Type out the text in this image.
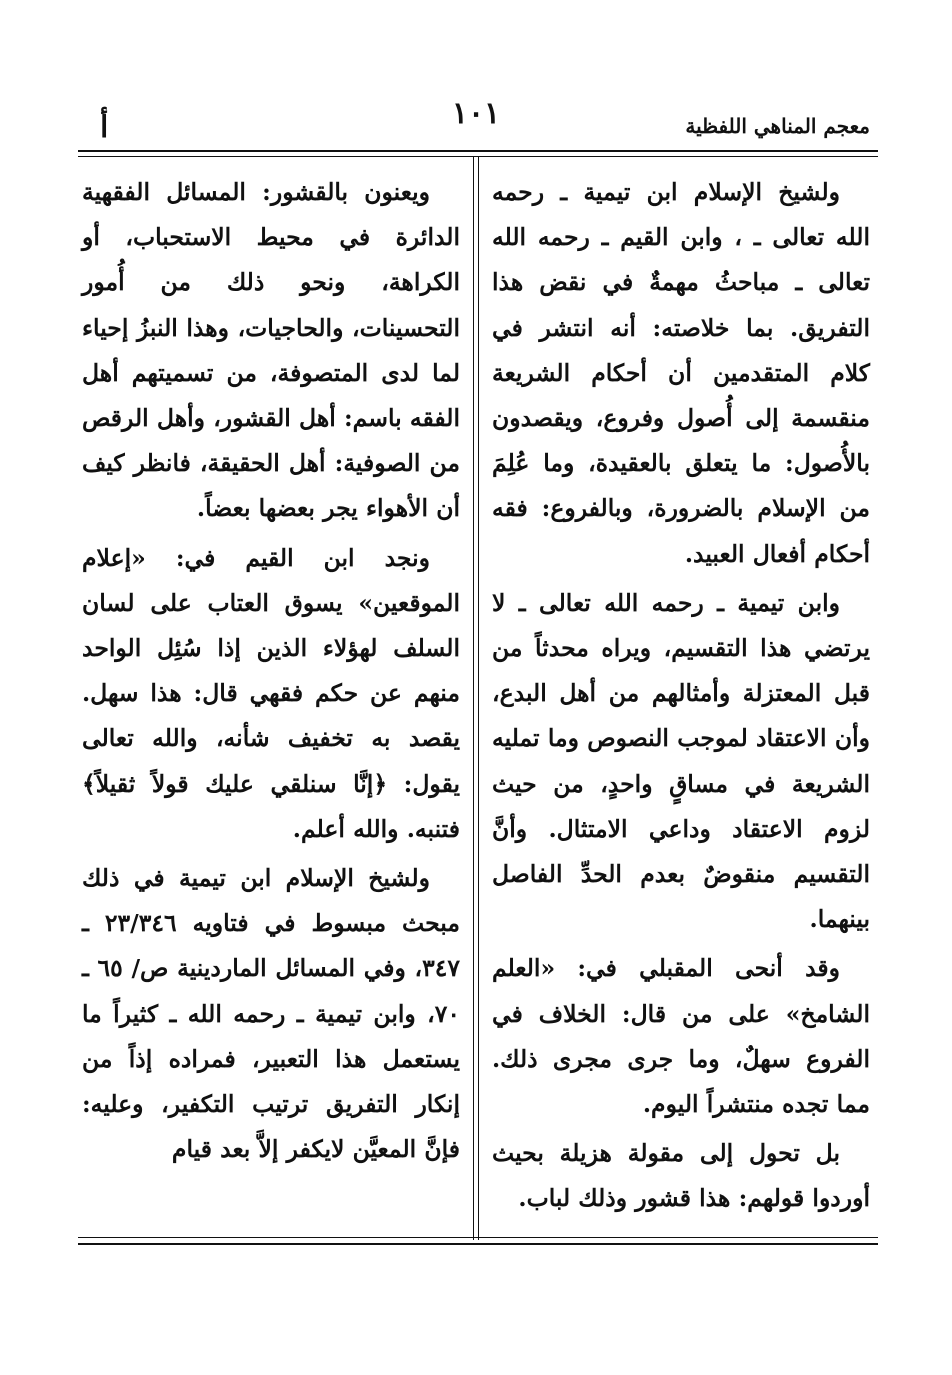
١٠١	معجم المناهي اللفظية
أ

ولشيخ الإسلام ابن تيمية ـ رحمه الله تعالى ـ ، وابن القيم ـ رحمه الله تعالى ـ مباحثُ مهمةٌ في نقض هذا التفريق. بما خلاصته: أنه انتشر في كلام المتقدمين أن أحكام الشريعة منقسمة إلى أُصول وفروع، ويقصدون بالأُصول: ما يتعلق بالعقيدة، وما عُلِمَ من الإسلام بالضرورة، وبالفروع: فقه أحكام أفعال العبيد.

وابن تيمية ـ رحمه الله تعالى ـ لا يرتضي هذا التقسيم، ويراه محدثاً من قبل المعتزلة وأمثالهم من أهل البدع، وأن الاعتقاد لموجب النصوص وما تمليه الشريعة في مساقٍ واحدٍ، من حيث لزوم الاعتقاد وداعي الامتثال. وأنَّ التقسيم منقوضٌ بعدم الحدِّ الفاصل بينهما.

وقد أنحى المقبلي في: «العلم الشامخ» على من قال: الخلاف في الفروع سهلٌ، وما جرى مجرى ذلك. مما تجده منتشراً اليوم.

بل تحول إلى مقولة هزيلة بحيث أوردوا قولهم: هذا قشور وذلك لباب.

ويعنون بالقشور: المسائل الفقهية الدائرة في محيط الاستحباب، أو الكراهة، ونحو ذلك من أُمور التحسينات، والحاجيات، وهذا النبزُ إحياء لما لدى المتصوفة، من تسميتهم أهل الفقه باسم: أهل القشور، وأهل الرقص من الصوفية: أهل الحقيقة، فانظر كيف أن الأهواء يجر بعضها بعضاً.

ونجد ابن القيم في: «إعلام الموقعين» يسوق العتاب على لسان السلف لهؤلاء الذين إذا سُئِل الواحد منهم عن حكم فقهي قال: هذا سهل. يقصد به تخفيف شأنه، والله تعالى يقول: ﴿إنَّا سنلقي عليك قولاً ثقيلاً﴾ فتنبه. والله أعلم.

ولشيخ الإسلام ابن تيمية في ذلك مبحث مبسوط في فتاويه ٢٣/٣٤٦ ـ ٣٤٧، وفي المسائل الماردينية ص/ ٦٥ ـ ٧٠، وابن تيمية ـ رحمه الله ـ كثيراً ما يستعمل هذا التعبير، فمراده إذاً من إنكار التفريق ترتيب التكفير، وعليه: فإنَّ المعيَّن لايكفر إلاَّ بعد قيام
